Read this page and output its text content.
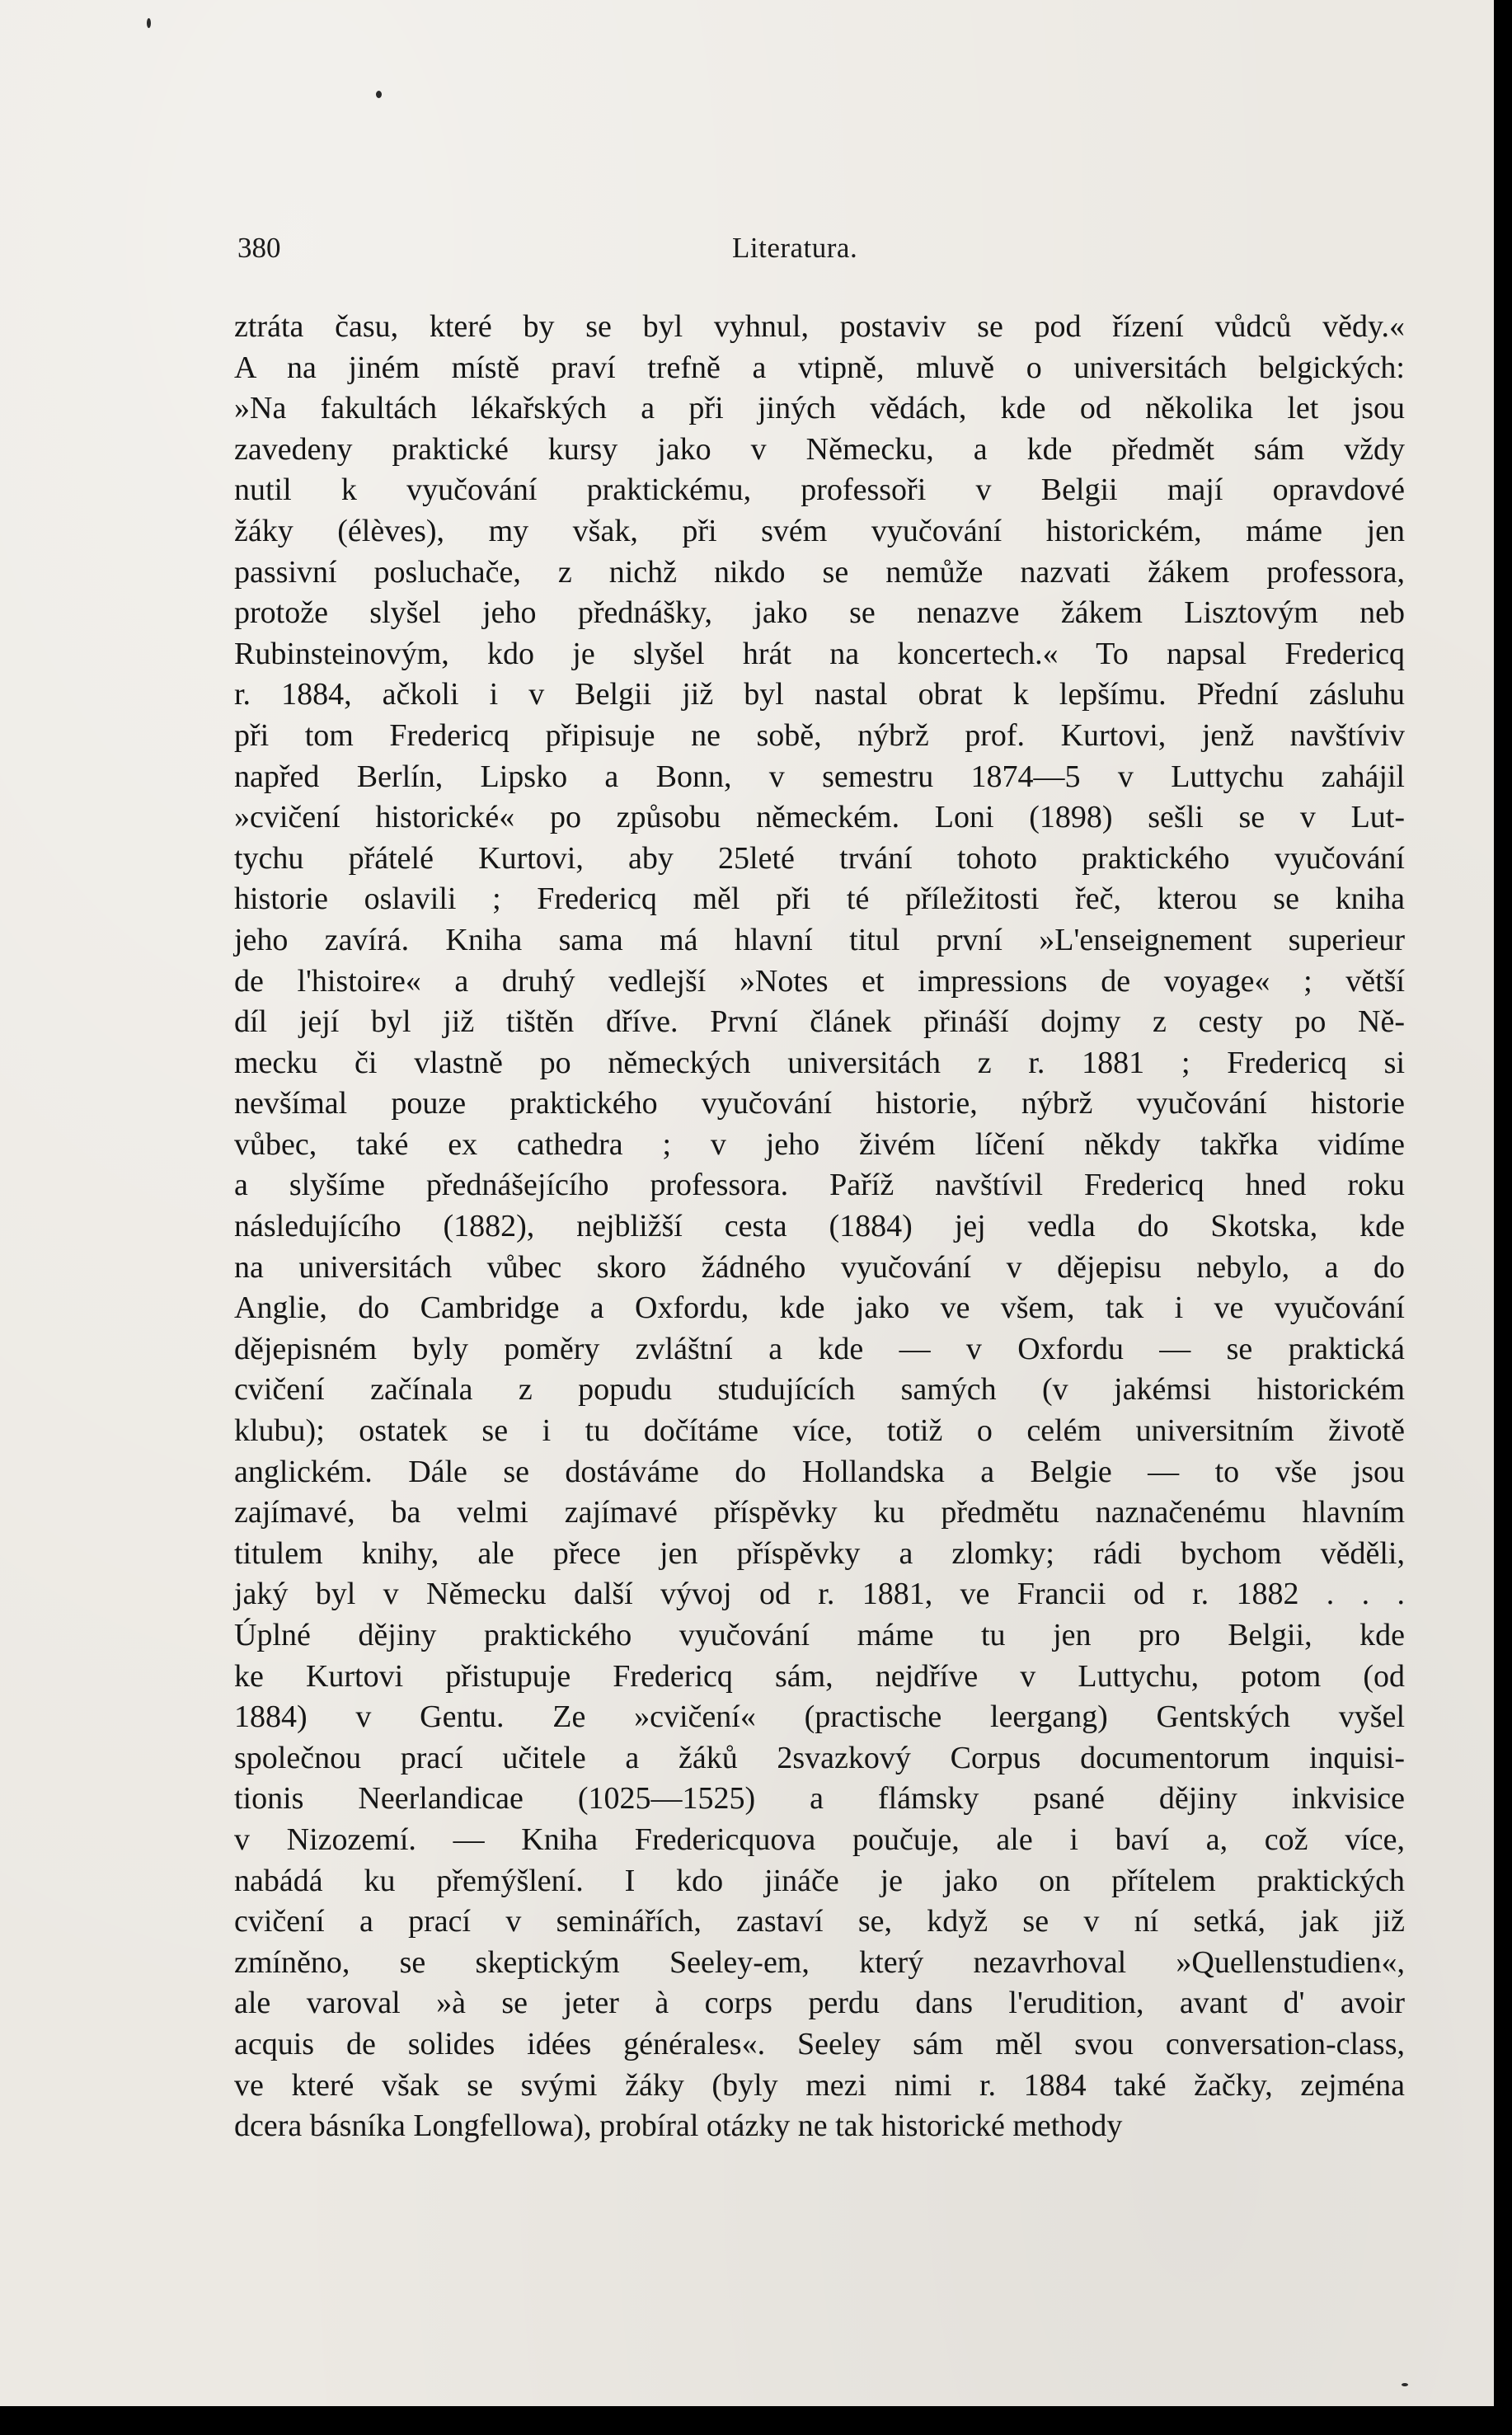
380	Literatura.
ztráta času, které by se byl vyhnul, postaviv se pod řízení vůdců vědy.«
A na jiném místě praví trefně a vtipně, mluvě o universitách belgických:
»Na fakultách lékařských a při jiných vědách, kde od několika let jsou
zavedeny praktické kursy jako v Německu, a kde předmět sám vždy
nutil k vyučování praktickému, professoři v Belgii mají opravdové
žáky (élèves), my však, při svém vyučování historickém, máme jen
passivní posluchače, z nichž nikdo se nemůže nazvati žákem professora,
protože slyšel jeho přednášky, jako se nenazve žákem Lisztovým neb
Rubinsteinovým, kdo je slyšel hrát na koncertech.« To napsal Fredericq
r. 1884, ačkoli i v Belgii již byl nastal obrat k lepšímu. Přední zásluhu
při tom Fredericq připisuje ne sobě, nýbrž prof. Kurtovi, jenž navštíviv
napřed Berlín, Lipsko a Bonn, v semestru 1874—5 v Luttychu zahájil
»cvičení historické« po způsobu německém. Loni (1898) sešli se v Lut-
tychu přátelé Kurtovi, aby 25leté trvání tohoto praktického vyučování
historie oslavili ; Fredericq měl při té příležitosti řeč, kterou se kniha
jeho zavírá. Kniha sama má hlavní titul první »L'enseignement superieur
de l'histoire« a druhý vedlejší »Notes et impressions de voyage« ; větší
díl její byl již tištěn dříve. První článek přináší dojmy z cesty po Ně-
mecku či vlastně po německých universitách z r. 1881 ; Fredericq si
nevšímal pouze praktického vyučování historie, nýbrž vyučování historie
vůbec, také ex cathedra ; v jeho živém líčení někdy takřka vidíme
a slyšíme přednášejícího professora. Paříž navštívil Fredericq hned roku
následujícího (1882), nejbližší cesta (1884) jej vedla do Skotska, kde
na universitách vůbec skoro žádného vyučování v dějepisu nebylo, a do
Anglie, do Cambridge a Oxfordu, kde jako ve všem, tak i ve vyučování
dějepisném byly poměry zvláštní a kde — v Oxfordu — se praktická
cvičení začínala z popudu studujících samých (v jakémsi historickém
klubu); ostatek se i tu dočítáme více, totiž o celém universitním životě
anglickém. Dále se dostáváme do Hollandska a Belgie — to vše jsou
zajímavé, ba velmi zajímavé příspěvky ku předmětu naznačenému hlavním
titulem knihy, ale přece jen příspěvky a zlomky; rádi bychom věděli,
jaký byl v Německu další vývoj od r. 1881, ve Francii od r. 1882 . . .
Úplné dějiny praktického vyučování máme tu jen pro Belgii, kde
ke Kurtovi přistupuje Fredericq sám, nejdříve v Luttychu, potom (od
1884) v Gentu. Ze »cvičení« (practische leergang) Gentských vyšel
společnou prací učitele a žáků 2svazkový Corpus documentorum inquisi-
tionis Neerlandicae (1025—1525) a flámsky psané dějiny inkvisice
v Nizozemí. — Kniha Fredericquova poučuje, ale i baví a, což více,
nabádá ku přemýšlení. I kdo jináče je jako on přítelem praktických
cvičení a prací v seminářích, zastaví se, když se v ní setká, jak již
zmíněno, se skeptickým Seeley-em, který nezavrhoval »Quellenstudien«,
ale varoval »à se jeter à corps perdu dans l'erudition, avant d' avoir
acquis de solides idées générales«. Seeley sám měl svou conversation-class,
ve které však se svými žáky (byly mezi nimi r. 1884 také žačky, zejména
dcera básníka Longfellowa), probíral otázky ne tak historické methody
